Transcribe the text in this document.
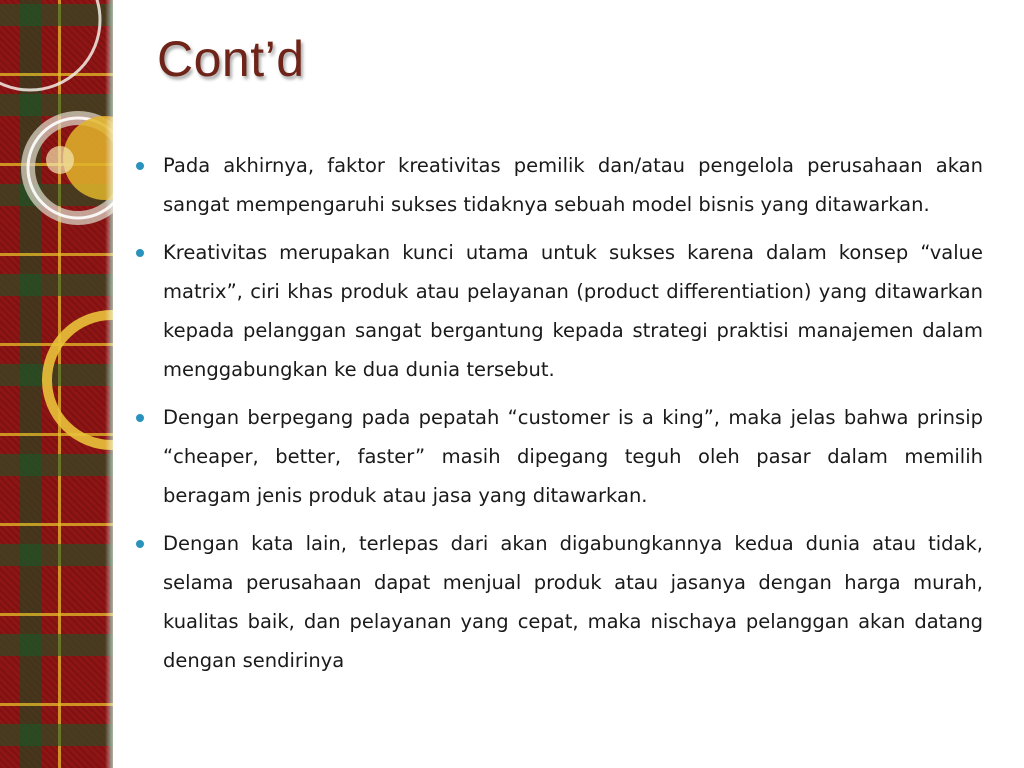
Cont’d
Pada akhirnya, faktor kreativitas pemilik dan/atau pengelola perusahaan akan sangat mempengaruhi sukses tidaknya sebuah model bisnis yang ditawarkan.
Kreativitas merupakan kunci utama untuk sukses karena dalam konsep “value matrix”, ciri khas produk atau pelayanan (product differentiation) yang ditawarkan kepada pelanggan sangat bergantung kepada strategi praktisi manajemen dalam menggabungkan ke dua dunia tersebut.
Dengan berpegang pada pepatah “customer is a king”, maka jelas bahwa prinsip “cheaper, better, faster” masih dipegang teguh oleh pasar dalam memilih beragam jenis produk atau jasa yang ditawarkan.
Dengan kata lain, terlepas dari akan digabungkannya kedua dunia atau tidak, selama perusahaan dapat menjual produk atau jasanya dengan harga murah, kualitas baik, dan pelayanan yang cepat, maka nischaya pelanggan akan datang dengan sendirinya
